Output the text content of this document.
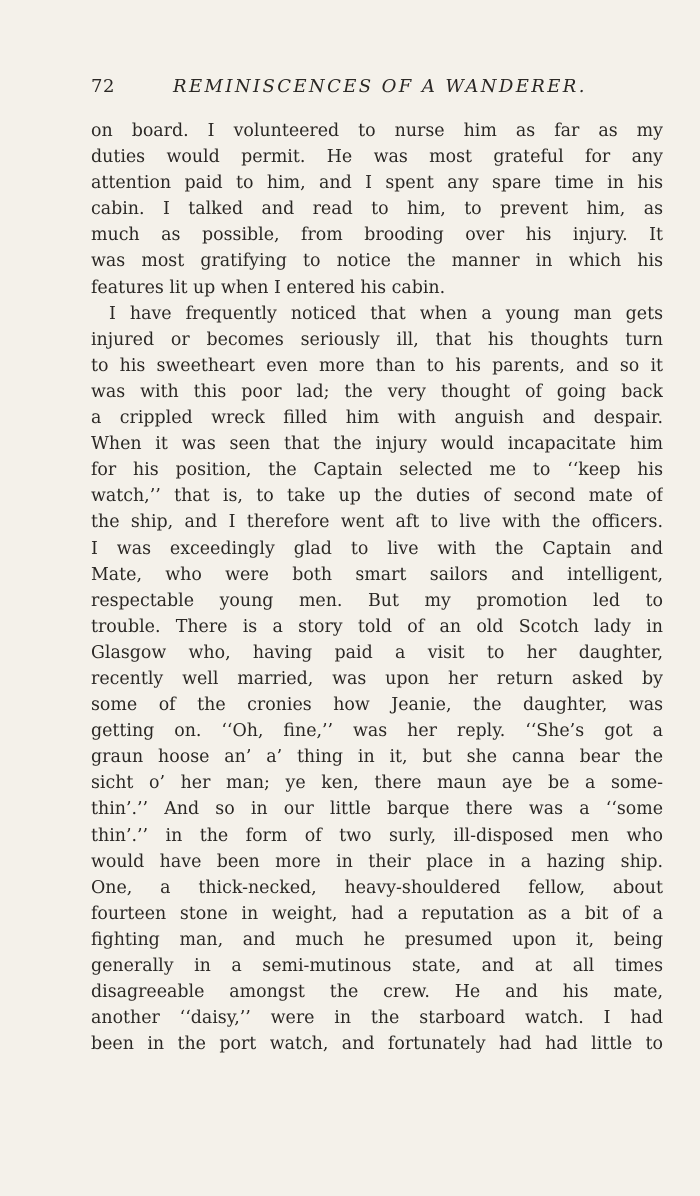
72	REMINISCENCES OF A WANDERER.
on board. I volunteered to nurse him as far as my
duties would permit. He was most grateful for any
attention paid to him, and I spent any spare time in his
cabin. I talked and read to him, to prevent him, as
much as possible, from brooding over his injury. It
was most gratifying to notice the manner in which his
features lit up when I entered his cabin.
I have frequently noticed that when a young man gets
injured or becomes seriously ill, that his thoughts turn
to his sweetheart even more than to his parents, and so it
was with this poor lad; the very thought of going back
a crippled wreck filled him with anguish and despair.
When it was seen that the injury would incapacitate him
for his position, the Captain selected me to ‘‘keep his
watch,’’ that is, to take up the duties of second mate of
the ship, and I therefore went aft to live with the officers.
I was exceedingly glad to live with the Captain and
Mate, who were both smart sailors and intelligent,
respectable young men. But my promotion led to
trouble. There is a story told of an old Scotch lady in
Glasgow who, having paid a visit to her daughter,
recently well married, was upon her return asked by
some of the cronies how Jeanie, the daughter, was
getting on. ‘‘Oh, fine,’’ was her reply. ‘‘She’s got a
graun hoose an’ a’ thing in it, but she canna bear the
sicht o’ her man; ye ken, there maun aye be a some-
thin’.’’ And so in our little barque there was a ‘‘some
thin’.’’ in the form of two surly, ill-disposed men who
would have been more in their place in a hazing ship.
One, a thick-necked, heavy-shouldered fellow, about
fourteen stone in weight, had a reputation as a bit of a
fighting man, and much he presumed upon it, being
generally in a semi-mutinous state, and at all times
disagreeable amongst the crew. He and his mate,
another ‘‘daisy,’’ were in the starboard watch. I had
been in the port watch, and fortunately had had little to
